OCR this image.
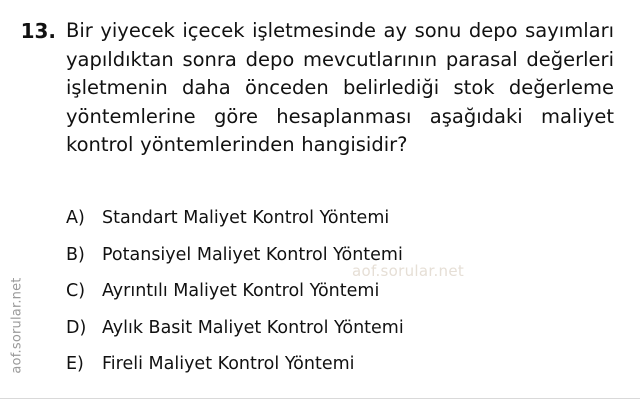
aof.sorular.net
aof.sorular.net
13. Bir yiyecek içecek işletmesinde ay sonu depo sayımları yapıldıktan sonra depo mevcutlarının parasal değerleri işletmenin daha önceden belirlediği stok değerleme yöntemlerine göre hesaplanması aşağıdaki maliyet kontrol yöntemlerinden hangisidir?
A) Standart Maliyet Kontrol Yöntemi
B) Potansiyel Maliyet Kontrol Yöntemi
C) Ayrıntılı Maliyet Kontrol Yöntemi
D) Aylık Basit Maliyet Kontrol Yöntemi
E)	Fireli Maliyet Kontrol Yöntemi
